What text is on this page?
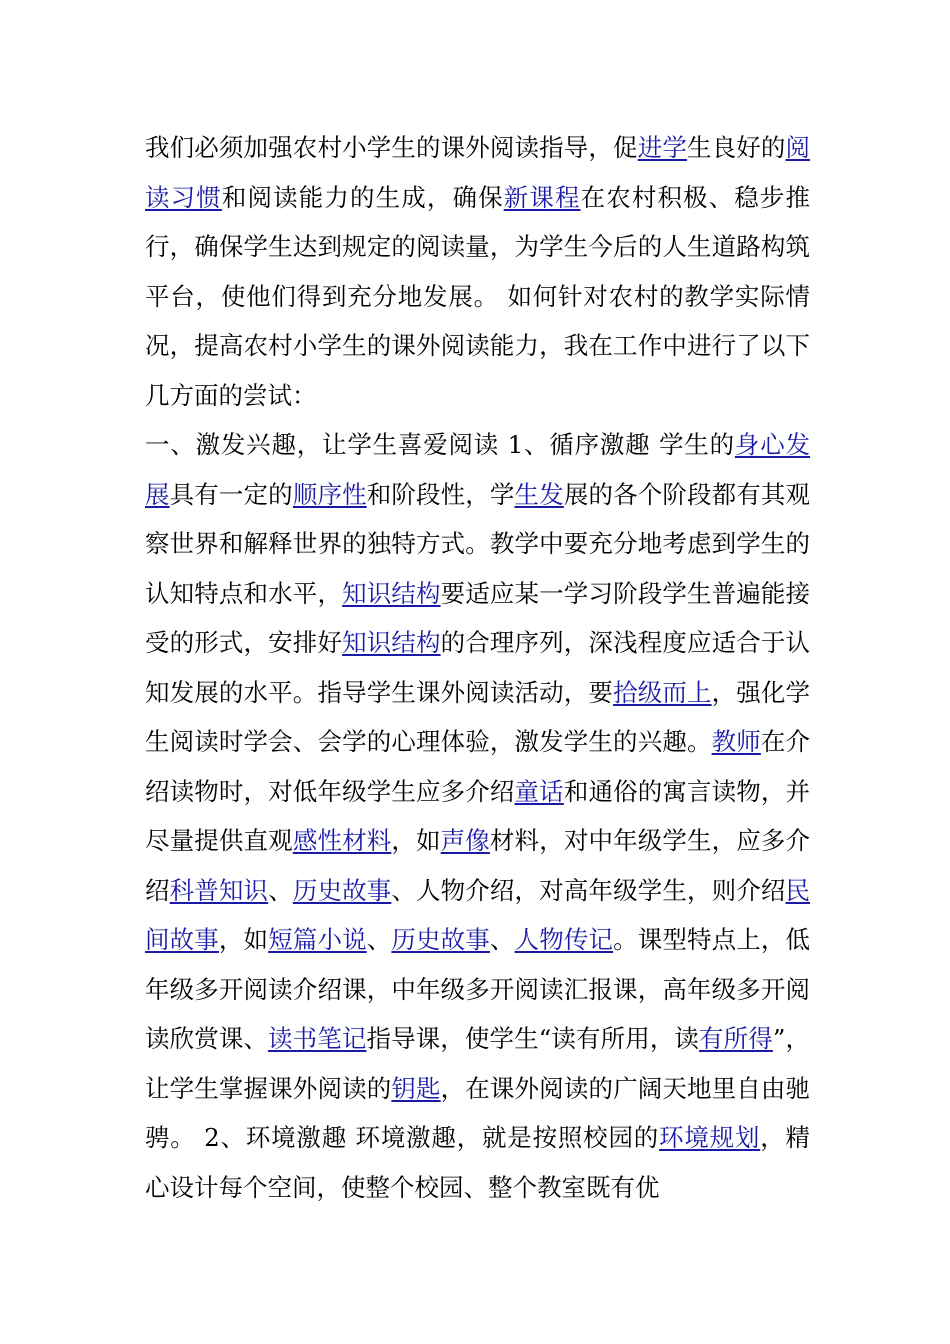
我们必须加强农村小学生的课外阅读指导，促进学生良好的阅读习惯和阅读能力的生成，确保新课程在农村积极、稳步推行，确保学生达到规定的阅读量，为学生今后的人生道路构筑平台，使他们得到充分地发展。 如何针对农村的教学实际情况，提高农村小学生的课外阅读能力，我在工作中进行了以下几方面的尝试：

一、激发兴趣，让学生喜爱阅读 1、循序激趣 学生的身心发展具有一定的顺序性和阶段性，学生发展的各个阶段都有其观察世界和解释世界的独特方式。教学中要充分地考虑到学生的认知特点和水平，知识结构要适应某一学习阶段学生普遍能接受的形式，安排好知识结构的合理序列，深浅程度应适合于认知发展的水平。指导学生课外阅读活动，要拾级而上，强化学生阅读时学会、会学的心理体验，激发学生的兴趣。教师在介绍读物时，对低年级学生应多介绍童话和通俗的寓言读物，并尽量提供直观感性材料，如声像材料，对中年级学生，应多介绍科普知识、历史故事、人物介绍，对高年级学生，则介绍民间故事，如短篇小说、历史故事、人物传记。课型特点上，低年级多开阅读介绍课，中年级多开阅读汇报课，高年级多开阅读欣赏课、读书笔记指导课，使学生“读有所用，读有所得”，让学生掌握课外阅读的钥匙，在课外阅读的广阔天地里自由驰骋。 2、环境激趣 环境激趣，就是按照校园的环境规划，精心设计每个空间，使整个校园、整个教室既有优
